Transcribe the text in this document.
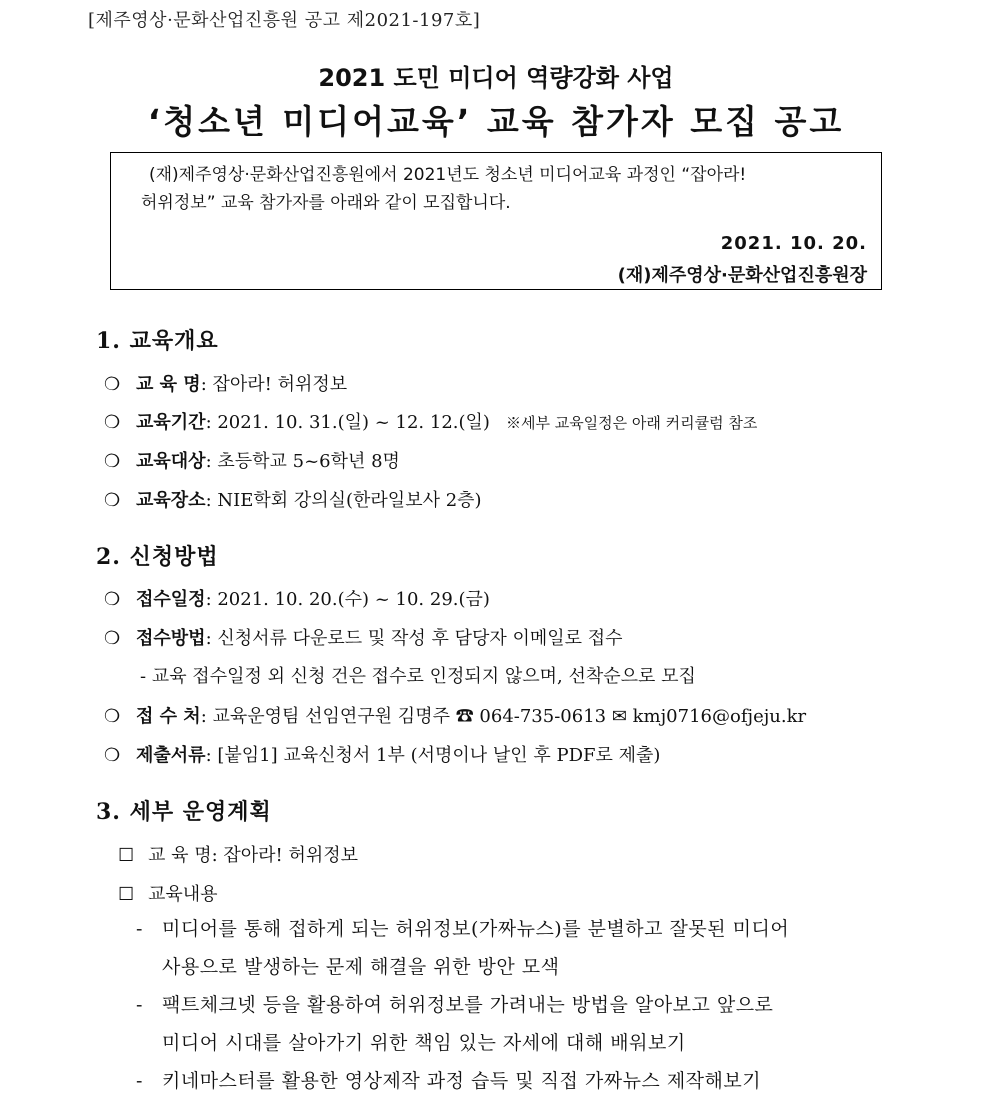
[제주영상·문화산업진흥원 공고 제2021-197호]
2021 도민 미디어 역량강화 사업
‘청소년 미디어교육’ 교육 참가자 모집 공고
(재)제주영상·문화산업진흥원에서 2021년도 청소년 미디어교육 과정인 “잡아라!

허위정보” 교육 참가자를 아래와 같이 모집합니다.
2021. 10. 20.
(재)제주영상·문화산업진흥원장
1. 교육개요
❍ 교 육 명: 잡아라! 허위정보
❍ 교육기간: 2021. 10. 31.(일) ~ 12. 12.(일) ※세부 교육일정은 아래 커리큘럼 참조
❍ 교육대상: 초등학교 5~6학년 8명
❍ 교육장소: NIE학회 강의실(한라일보사 2층)
2. 신청방법
❍ 접수일정: 2021. 10. 20.(수) ~ 10. 29.(금)
❍ 접수방법: 신청서류 다운로드 및 작성 후 담당자 이메일로 접수
- 교육 접수일정 외 신청 건은 접수로 인정되지 않으며, 선착순으로 모집
❍ 접 수 처: 교육운영팀 선임연구원 김명주 ☎ 064-735-0613 ✉ kmj0716@ofjeju.kr
❍ 제출서류: [붙임1] 교육신청서 1부 (서명이나 날인 후 PDF로 제출)
3. 세부 운영계획
☐ 교 육 명: 잡아라! 허위정보
☐ 교육내용
-	미디어를 통해 접하게 되는 허위정보(가짜뉴스)를 분별하고 잘못된 미디어
사용으로 발생하는 문제 해결을 위한 방안 모색
-	팩트체크넷 등을 활용하여 허위정보를 가려내는 방법을 알아보고 앞으로
미디어 시대를 살아가기 위한 책임 있는 자세에 대해 배워보기
-	키네마스터를 활용한 영상제작 과정 습득 및 직접 가짜뉴스 제작해보기
